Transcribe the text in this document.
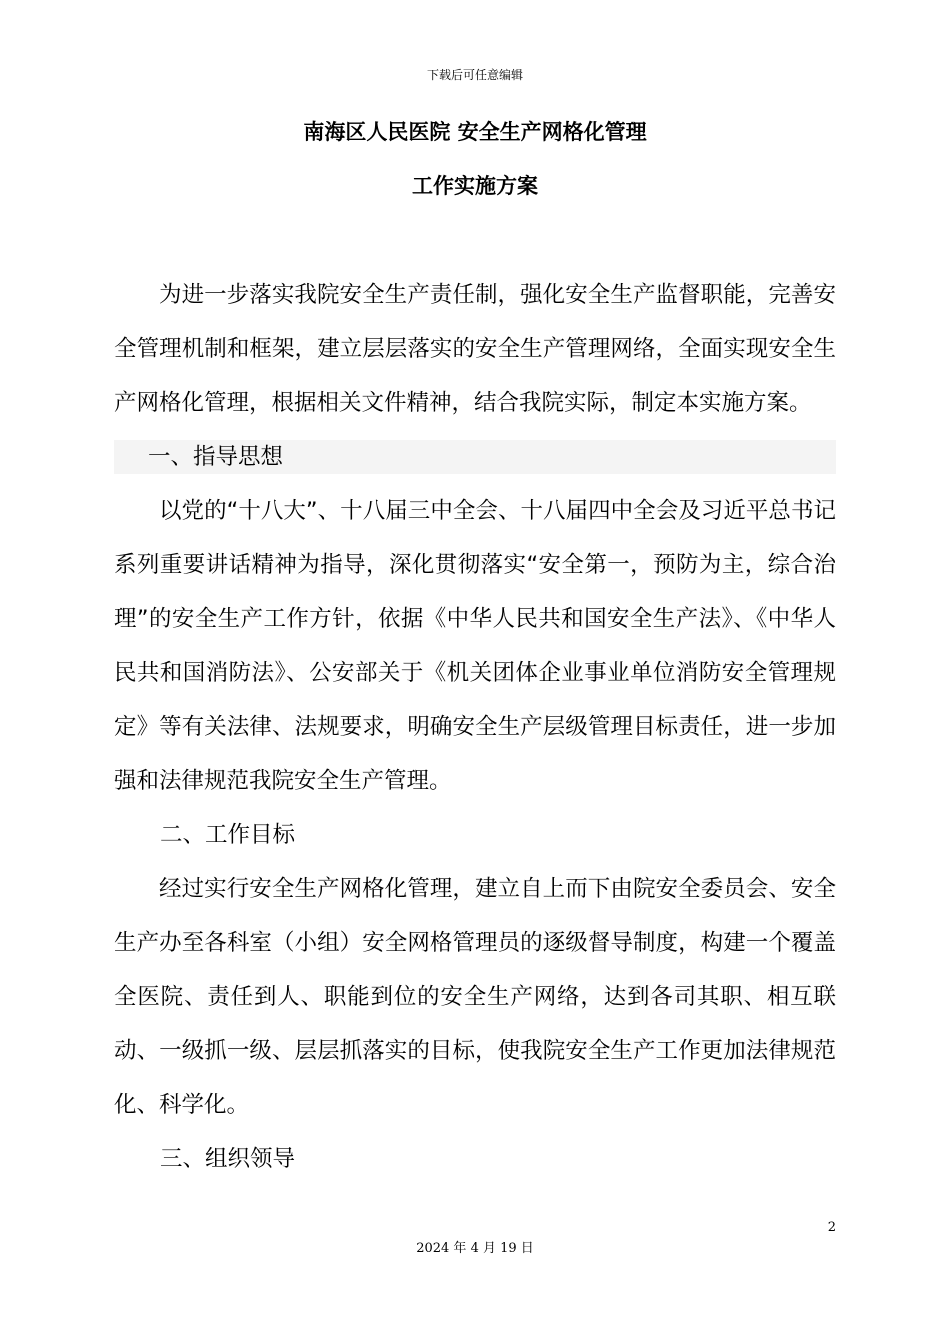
下载后可任意编辑
南海区人民医院 安全生产网格化管理
工作实施方案

为进一步落实我院安全生产责任制，强化安全生产监督职能，完善安全管理机制和框架，建立层层落实的安全生产管理网络，全面实现安全生产网格化管理，根据相关文件精神，结合我院实际，制定本实施方案。

一、指导思想

以党的“十八大”、十八届三中全会、十八届四中全会及习近平总书记系列重要讲话精神为指导，深化贯彻落实“安全第一，预防为主，综合治理”的安全生产工作方针，依据《中华人民共和国安全生产法》、《中华人民共和国消防法》、公安部关于《机关团体企业事业单位消防安全管理规定》等有关法律、法规要求，明确安全生产层级管理目标责任，进一步加强和法律规范我院安全生产管理。

二、工作目标

经过实行安全生产网格化管理，建立自上而下由院安全委员会、安全生产办至各科室（小组）安全网格管理员的逐级督导制度，构建一个覆盖全医院、责任到人、职能到位的安全生产网络，达到各司其职、相互联动、一级抓一级、层层抓落实的目标，使我院安全生产工作更加法律规范化、科学化。

三、组织领导

2
2024 年 4 月 19 日
